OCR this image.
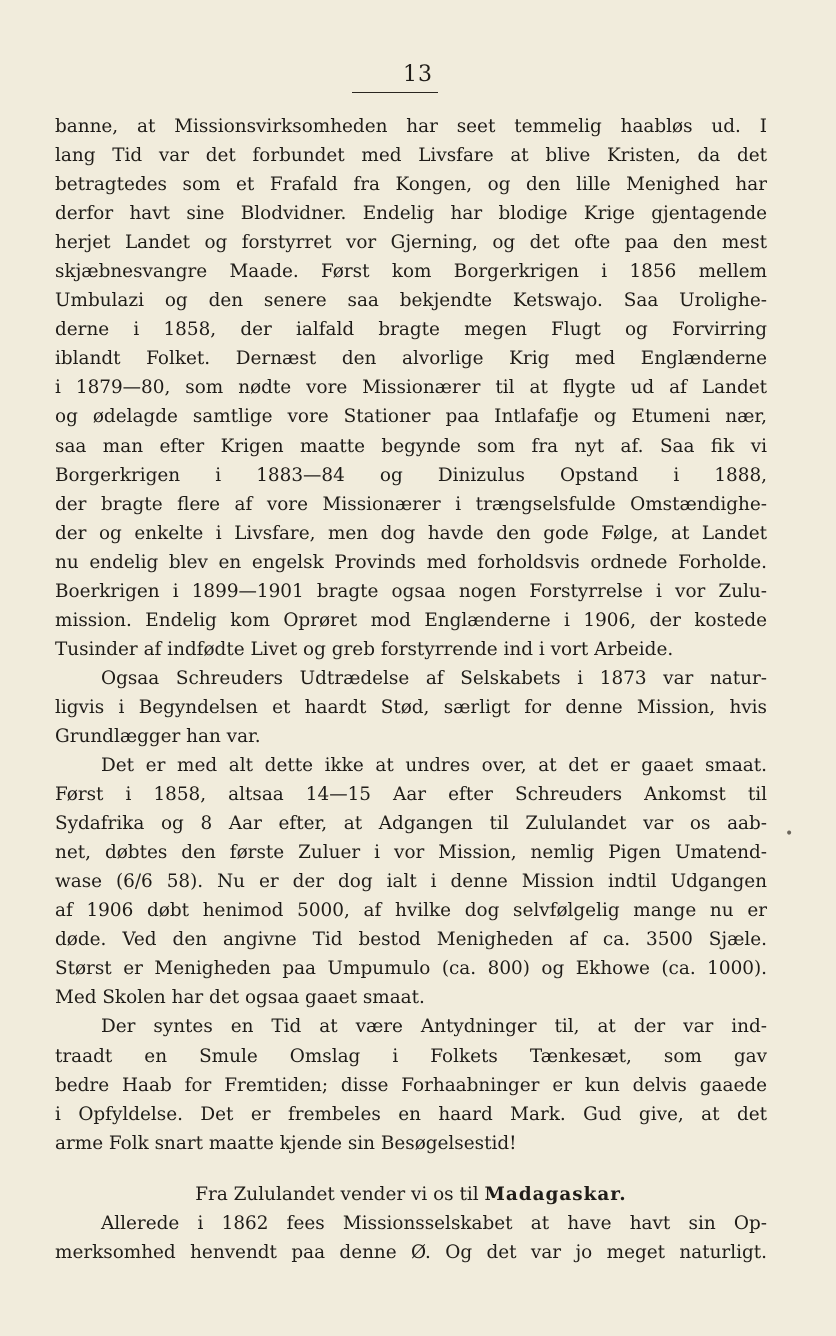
13
banne, at Missionsvirksomheden har seet temmelig haabløs ud. I
lang Tid var det forbundet med Livsfare at blive Kristen, da det
betragtedes som et Frafald fra Kongen, og den lille Menighed har
derfor havt sine Blodvidner. Endelig har blodige Krige gjentagende
herjet Landet og forstyrret vor Gjerning, og det ofte paa den mest
skjæbnesvangre Maade. Først kom Borgerkrigen i 1856 mellem
Umbulazi og den senere saa bekjendte Ketswajo. Saa Urolighe-
derne i 1858, der ialfald bragte megen Flugt og Forvirring
iblandt Folket. Dernæst den alvorlige Krig med Englænderne
i 1879—80, som nødte vore Missionærer til at flygte ud af Landet
og ødelagde samtlige vore Stationer paa Intlafafje og Etumeni nær,
saa man efter Krigen maatte begynde som fra nyt af. Saa fik vi
Borgerkrigen i 1883—84 og Dinizulus Opstand i 1888,
der bragte flere af vore Missionærer i trængselsfulde Omstændighe-
der og enkelte i Livsfare, men dog havde den gode Følge, at Landet
nu endelig blev en engelsk Provinds med forholdsvis ordnede Forholde.
Boerkrigen i 1899—1901 bragte ogsaa nogen Forstyrrelse i vor Zulu-
mission. Endelig kom Oprøret mod Englænderne i 1906, der kostede
Tusinder af indfødte Livet og greb forstyrrende ind i vort Arbeide.
Ogsaa Schreuders Udtrædelse af Selskabets i 1873 var natur-
ligvis i Begyndelsen et haardt Stød, særligt for denne Mission, hvis
Grundlægger han var.
Det er med alt dette ikke at undres over, at det er gaaet smaat.
Først i 1858, altsaa 14—15 Aar efter Schreuders Ankomst til
Sydafrika og 8 Aar efter, at Adgangen til Zululandet var os aab-
net, døbtes den første Zuluer i vor Mission, nemlig Pigen Umatend-
wase (6/6 58). Nu er der dog ialt i denne Mission indtil Udgangen
af 1906 døbt henimod 5000, af hvilke dog selvfølgelig mange nu er
døde. Ved den angivne Tid bestod Menigheden af ca. 3500 Sjæle.
Størst er Menigheden paa Umpumulo (ca. 800) og Ekhowe (ca. 1000).
Med Skolen har det ogsaa gaaet smaat.
Der syntes en Tid at være Antydninger til, at der var ind-
traadt en Smule Omslag i Folkets Tænkesæt, som gav
bedre Haab for Fremtiden; disse Forhaabninger er kun delvis gaaede
i Opfyldelse. Det er frembeles en haard Mark. Gud give, at det
arme Folk snart maatte kjende sin Besøgelsestid!
Fra Zululandet vender vi os til Madagaskar.
Allerede i 1862 fees Missionsselskabet at have havt sin Op-
merksomhed henvendt paa denne Ø. Og det var jo meget naturligt.
•
